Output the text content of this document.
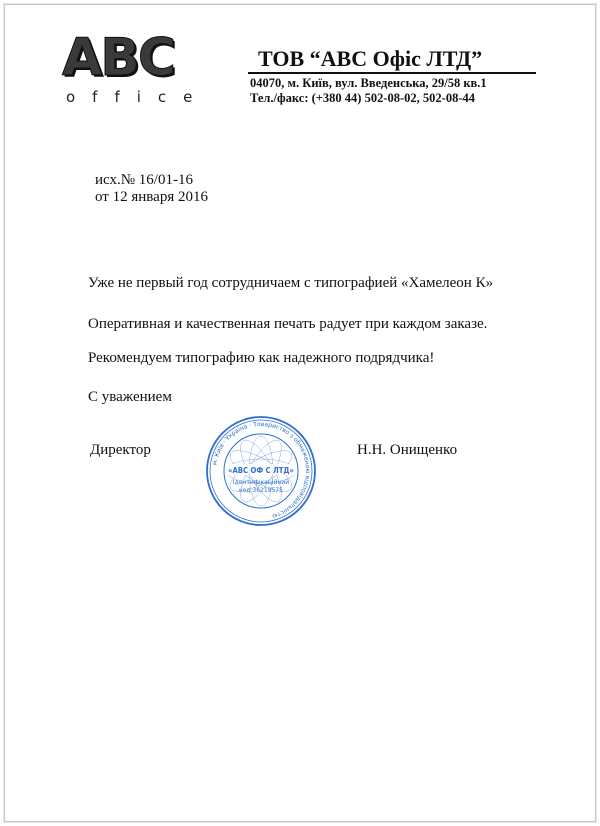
ABC
office
ТОВ “АВС Офіс ЛТД”
04070, м. Київ, вул. Введенська, 29/58 кв.1
Тел./факс: (+380 44) 502-08-02, 502-08-44
исх.№ 16/01-16
от 12 января 2016
Уже не первый год сотрудничаем с типографией «Хамелеон К»
Оперативная и качественная печать радует при каждом заказе.
Рекомендуем типографию как надежного подрядчика!
С уважением
Директор	Н.Н. Онищенко
м. Київ · Україна · Товариство з обмеженою відповідальністю
«АВС ОФ С ЛТД»
Ідентифікаційний
код 36219575
